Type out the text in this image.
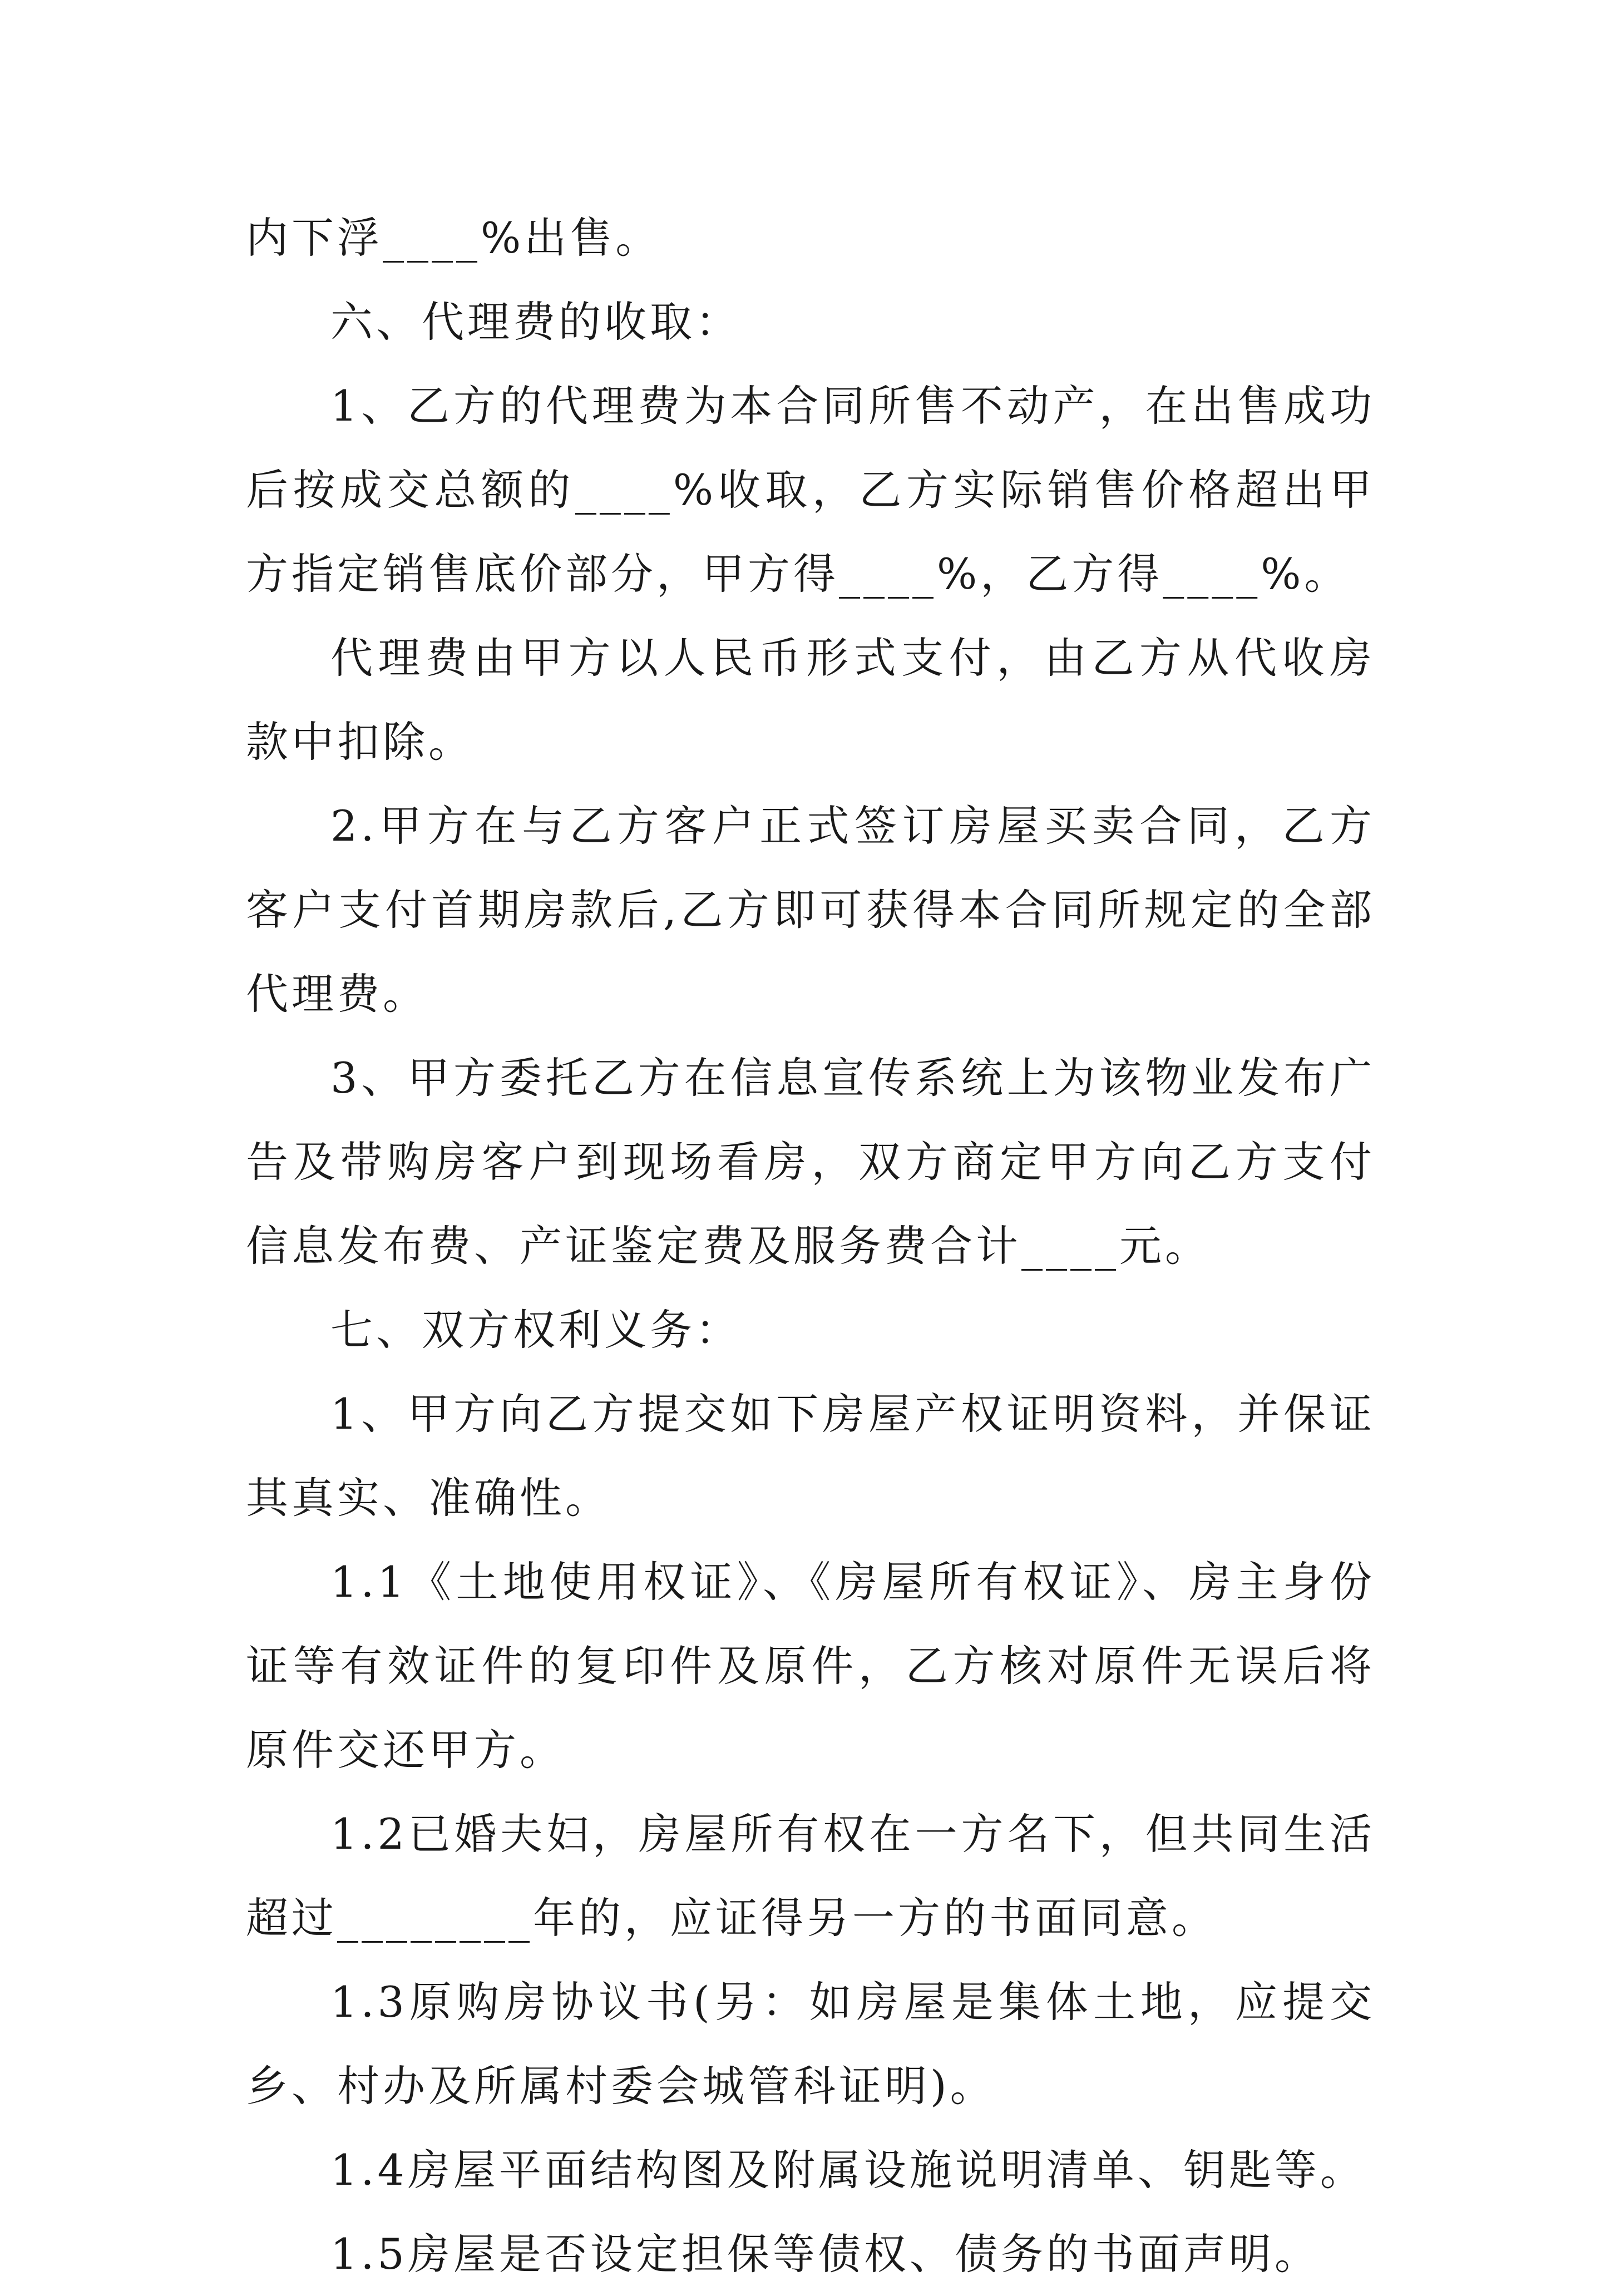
内下浮____%出售。

六、代理费的收取：

1、乙方的代理费为本合同所售不动产，在出售成功后按成交总额的____%收取，乙方实际销售价格超出甲方指定销售底价部分，甲方得____%，乙方得____%。

代理费由甲方以人民币形式支付，由乙方从代收房款中扣除。

2.甲方在与乙方客户正式签订房屋买卖合同，乙方客户支付首期房款后,乙方即可获得本合同所规定的全部代理费。

3、甲方委托乙方在信息宣传系统上为该物业发布广告及带购房客户到现场看房，双方商定甲方向乙方支付信息发布费、产证鉴定费及服务费合计____元。

七、双方权利义务：

1、甲方向乙方提交如下房屋产权证明资料，并保证其真实、准确性。

1.1《土地使用权证》、《房屋所有权证》、房主身份证等有效证件的复印件及原件，乙方核对原件无误后将原件交还甲方。

1.2已婚夫妇，房屋所有权在一方名下，但共同生活超过________年的，应证得另一方的书面同意。

1.3原购房协议书(另：如房屋是集体土地，应提交乡、村办及所属村委会城管科证明)。

1.4房屋平面结构图及附属设施说明清单、钥匙等。

1.5房屋是否设定担保等债权、债务的书面声明。
